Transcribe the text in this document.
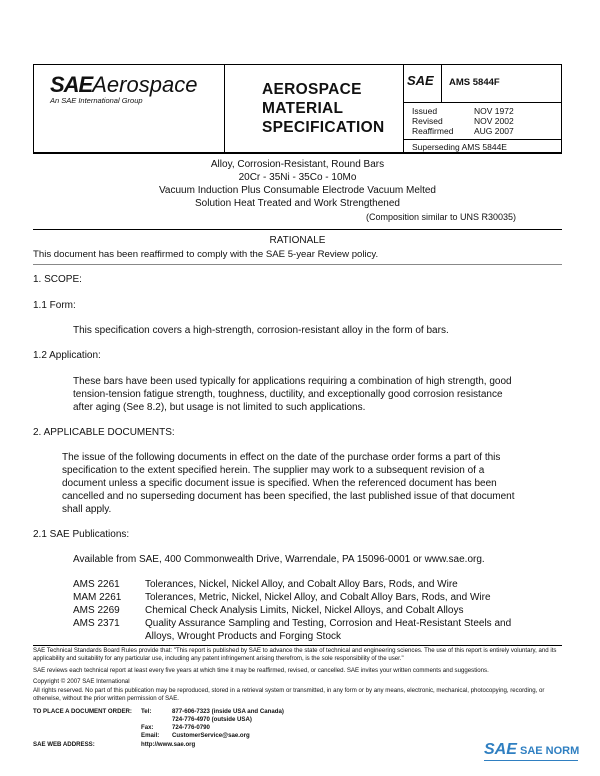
SAEAerospace
An SAE International Group
AEROSPACE
MATERIAL
SPECIFICATION
SAE AMS 5844F
Issued	NOV 1972
Revised	NOV 2002
Reaffirmed AUG 2007
Superseding AMS 5844E
Alloy, Corrosion-Resistant, Round Bars
20Cr - 35Ni - 35Co - 10Mo
Vacuum Induction Plus Consumable Electrode Vacuum Melted
Solution Heat Treated and Work Strengthened
(Composition similar to UNS R30035)
RATIONALE
This document has been reaffirmed to comply with the SAE 5-year Review policy.
1. SCOPE:
1.1 Form:
This specification covers a high-strength, corrosion-resistant alloy in the form of bars.
1.2 Application:
These bars have been used typically for applications requiring a combination of high strength, good
tension-tension fatigue strength, toughness, ductility, and exceptionally good corrosion resistance
after aging (See 8.2), but usage is not limited to such applications.
2. APPLICABLE DOCUMENTS:
The issue of the following documents in effect on the date of the purchase order forms a part of this
specification to the extent specified herein. The supplier may work to a subsequent revision of a
document unless a specific document issue is specified. When the referenced document has been
cancelled and no superseding document has been specified, the last published issue of that document
shall apply.
2.1 SAE Publications:
Available from SAE, 400 Commonwealth Drive, Warrendale, PA 15096-0001 or www.sae.org.
AMS 2261	Tolerances, Nickel, Nickel Alloy, and Cobalt Alloy Bars, Rods, and Wire
MAM 2261 Tolerances, Metric, Nickel, Nickel Alloy, and Cobalt Alloy Bars, Rods, and Wire
AMS 2269	Chemical Check Analysis Limits, Nickel, Nickel Alloys, and Cobalt Alloys
AMS 2371	Quality Assurance Sampling and Testing, Corrosion and Heat-Resistant Steels and
Alloys, Wrought Products and Forging Stock
SAE Technical Standards Board Rules provide that: "This report is published by SAE to advance the state of technical and engineering sciences. The use of this report is entirely voluntary, and its applicability and suitability for any particular use, including any patent infringement arising therefrom, is the sole responsibility of the user."
SAE reviews each technical report at least every five years at which time it may be reaffirmed, revised, or cancelled. SAE invites your written comments and suggestions.
Copyright © 2007 SAE International
All rights reserved. No part of this publication may be reproduced, stored in a retrieval system or transmitted, in any form or by any means, electronic, mechanical, photocopying, recording, or otherwise, without the prior written permission of SAE.
TO PLACE A DOCUMENT ORDER: Tel:	877-606-7323 (inside USA and Canada)
724-776-4970 (outside USA)
Fax:	724-776-0790
Email: CustomerService@sae.org
SAE WEB ADDRESS:	http://www.sae.org	SAE SAE NORM
